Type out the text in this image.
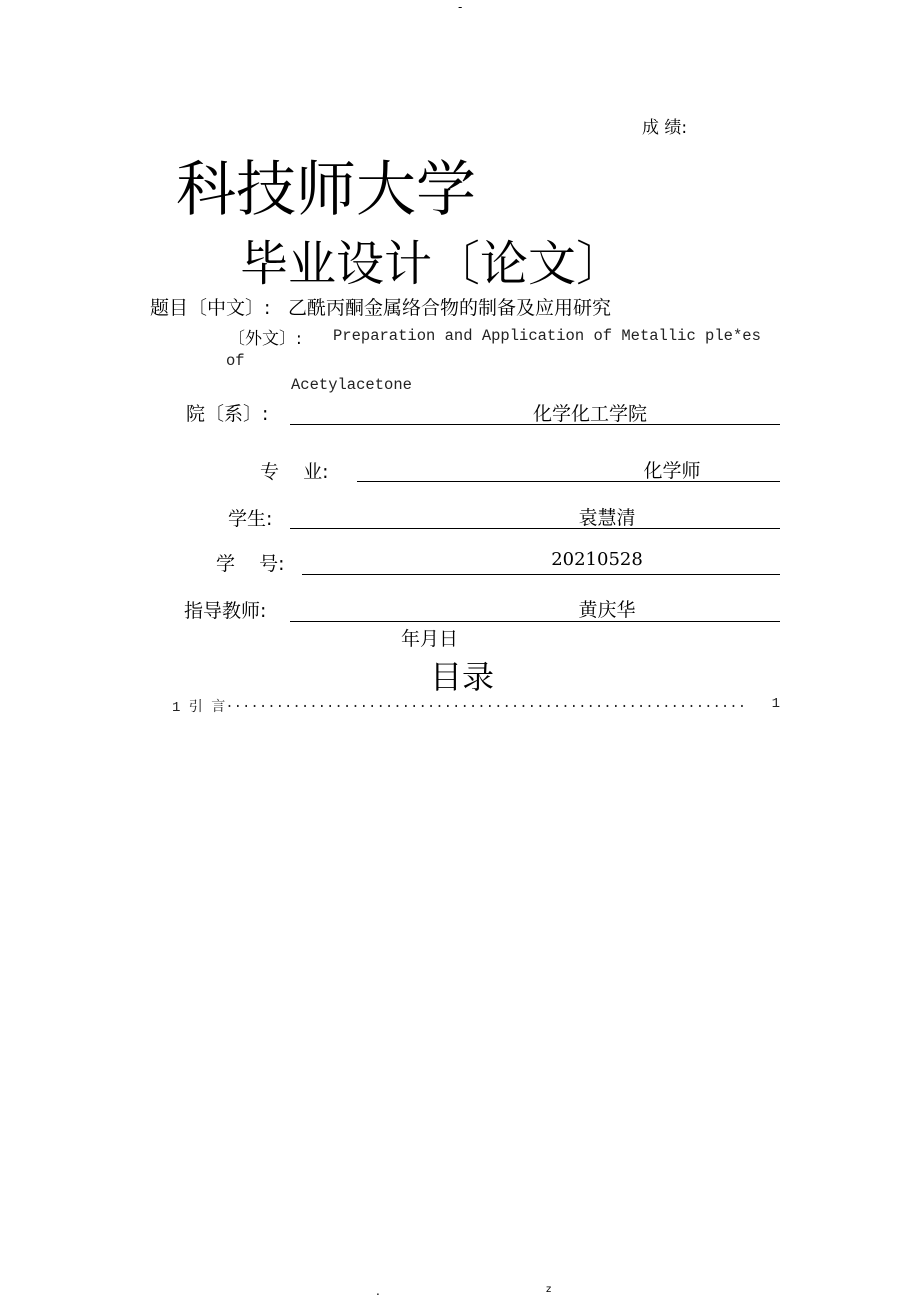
-
成 绩:
科技师大学
毕业设计〔论文〕
题目〔中文〕: 乙酰丙酮金属络合物的制备及应用研究
〔外文〕: Preparation and Application of Metallic ple*es
of
Acetylacetone
院〔系〕:	化学化工学院
专    业:	化学师
学生:	袁慧清
学    号:	20210528
指导教师:	黄庆华
年月日
目录
1 引 言 ..............................................................	1
.	z
